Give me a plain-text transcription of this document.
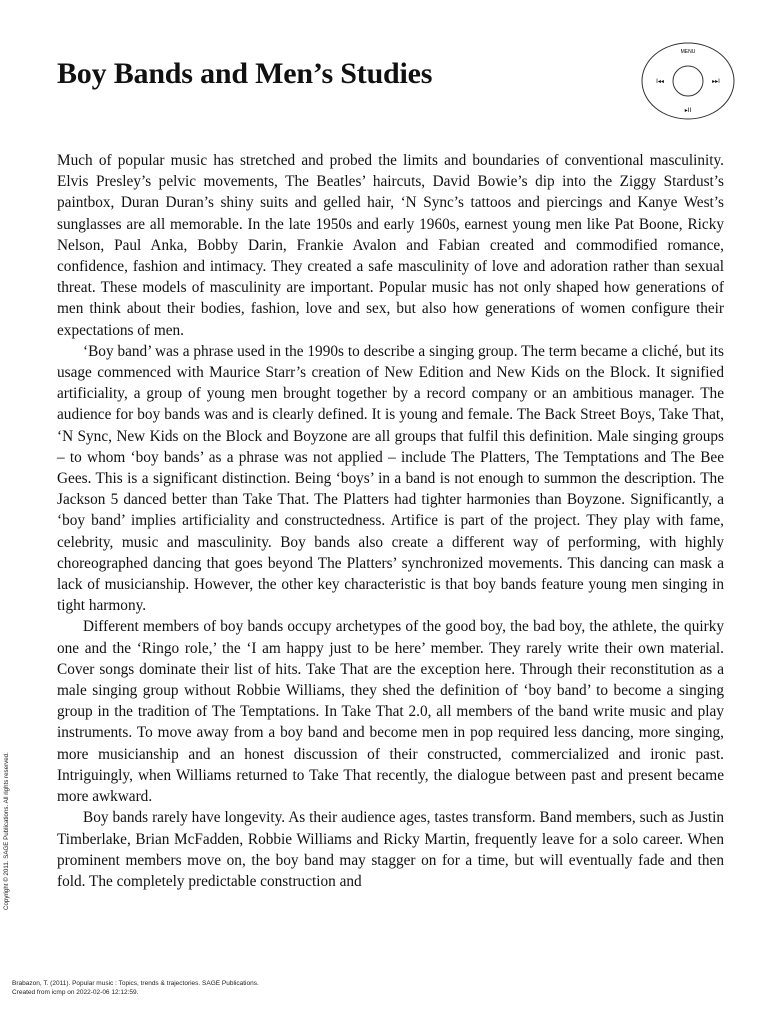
Boy Bands and Men’s Studies
MENU
I◂◂	▸▸I
▸II

Much of popular music has stretched and probed the limits and boundaries of conventional masculinity. Elvis Presley’s pelvic movements, The Beatles’ haircuts, David Bowie’s dip into the Ziggy Stardust’s paintbox, Duran Duran’s shiny suits and gelled hair, ‘N Sync’s tattoos and piercings and Kanye West’s sunglasses are all memorable. In the late 1950s and early 1960s, earnest young men like Pat Boone, Ricky Nelson, Paul Anka, Bobby Darin, Frankie Avalon and Fabian created and commodified romance, confidence, fashion and intimacy. They created a safe masculinity of love and adoration rather than sexual threat. These models of masculinity are important. Popular music has not only shaped how generations of men think about their bodies, fashion, love and sex, but also how generations of women configure their expectations of men.

‘Boy band’ was a phrase used in the 1990s to describe a singing group. The term became a cliché, but its usage commenced with Maurice Starr’s creation of New Edition and New Kids on the Block. It signified artificiality, a group of young men brought together by a record company or an ambitious manager. The audience for boy bands was and is clearly defined. It is young and female. The Back Street Boys, Take That, ‘N Sync, New Kids on the Block and Boyzone are all groups that fulfil this definition. Male singing groups – to whom ‘boy bands’ as a phrase was not applied – include The Platters, The Temptations and The Bee Gees. This is a significant distinction. Being ‘boys’ in a band is not enough to summon the description. The Jackson 5 danced better than Take That. The Platters had tighter harmonies than Boyzone. Significantly, a ‘boy band’ implies artificiality and constructedness. Artifice is part of the project. They play with fame, celebrity, music and masculinity. Boy bands also create a different way of performing, with highly choreographed dancing that goes beyond The Platters’ synchronized movements. This dancing can mask a lack of musicianship. However, the other key characteristic is that boy bands feature young men singing in tight harmony.

Different members of boy bands occupy archetypes of the good boy, the bad boy, the athlete, the quirky one and the ‘Ringo role,’ the ‘I am happy just to be here’ member. They rarely write their own material. Cover songs dominate their list of hits. Take That are the exception here. Through their reconstitution as a male singing group without Robbie Williams, they shed the definition of ‘boy band’ to become a singing group in the tradition of The Temptations. In Take That 2.0, all members of the band write music and play instruments. To move away from a boy band and become men in pop required less dancing, more singing, more musicianship and an honest discussion of their constructed, commercialized and ironic past. Intriguingly, when Williams returned to Take That recently, the dialogue between past and present became more awkward.

Boy bands rarely have longevity. As their audience ages, tastes transform. Band members, such as Justin Timberlake, Brian McFadden, Robbie Williams and Ricky Martin, frequently leave for a solo career. When prominent members move on, the boy band may stagger on for a time, but will eventually fade and then fold. The completely predictable construction and

Copyright © 2011. SAGE Publications. All rights reserved.
Brabazon, T. (2011). Popular music : Topics, trends & trajectories. SAGE Publications.
Created from icmp on 2022-02-06 12:12:59.
